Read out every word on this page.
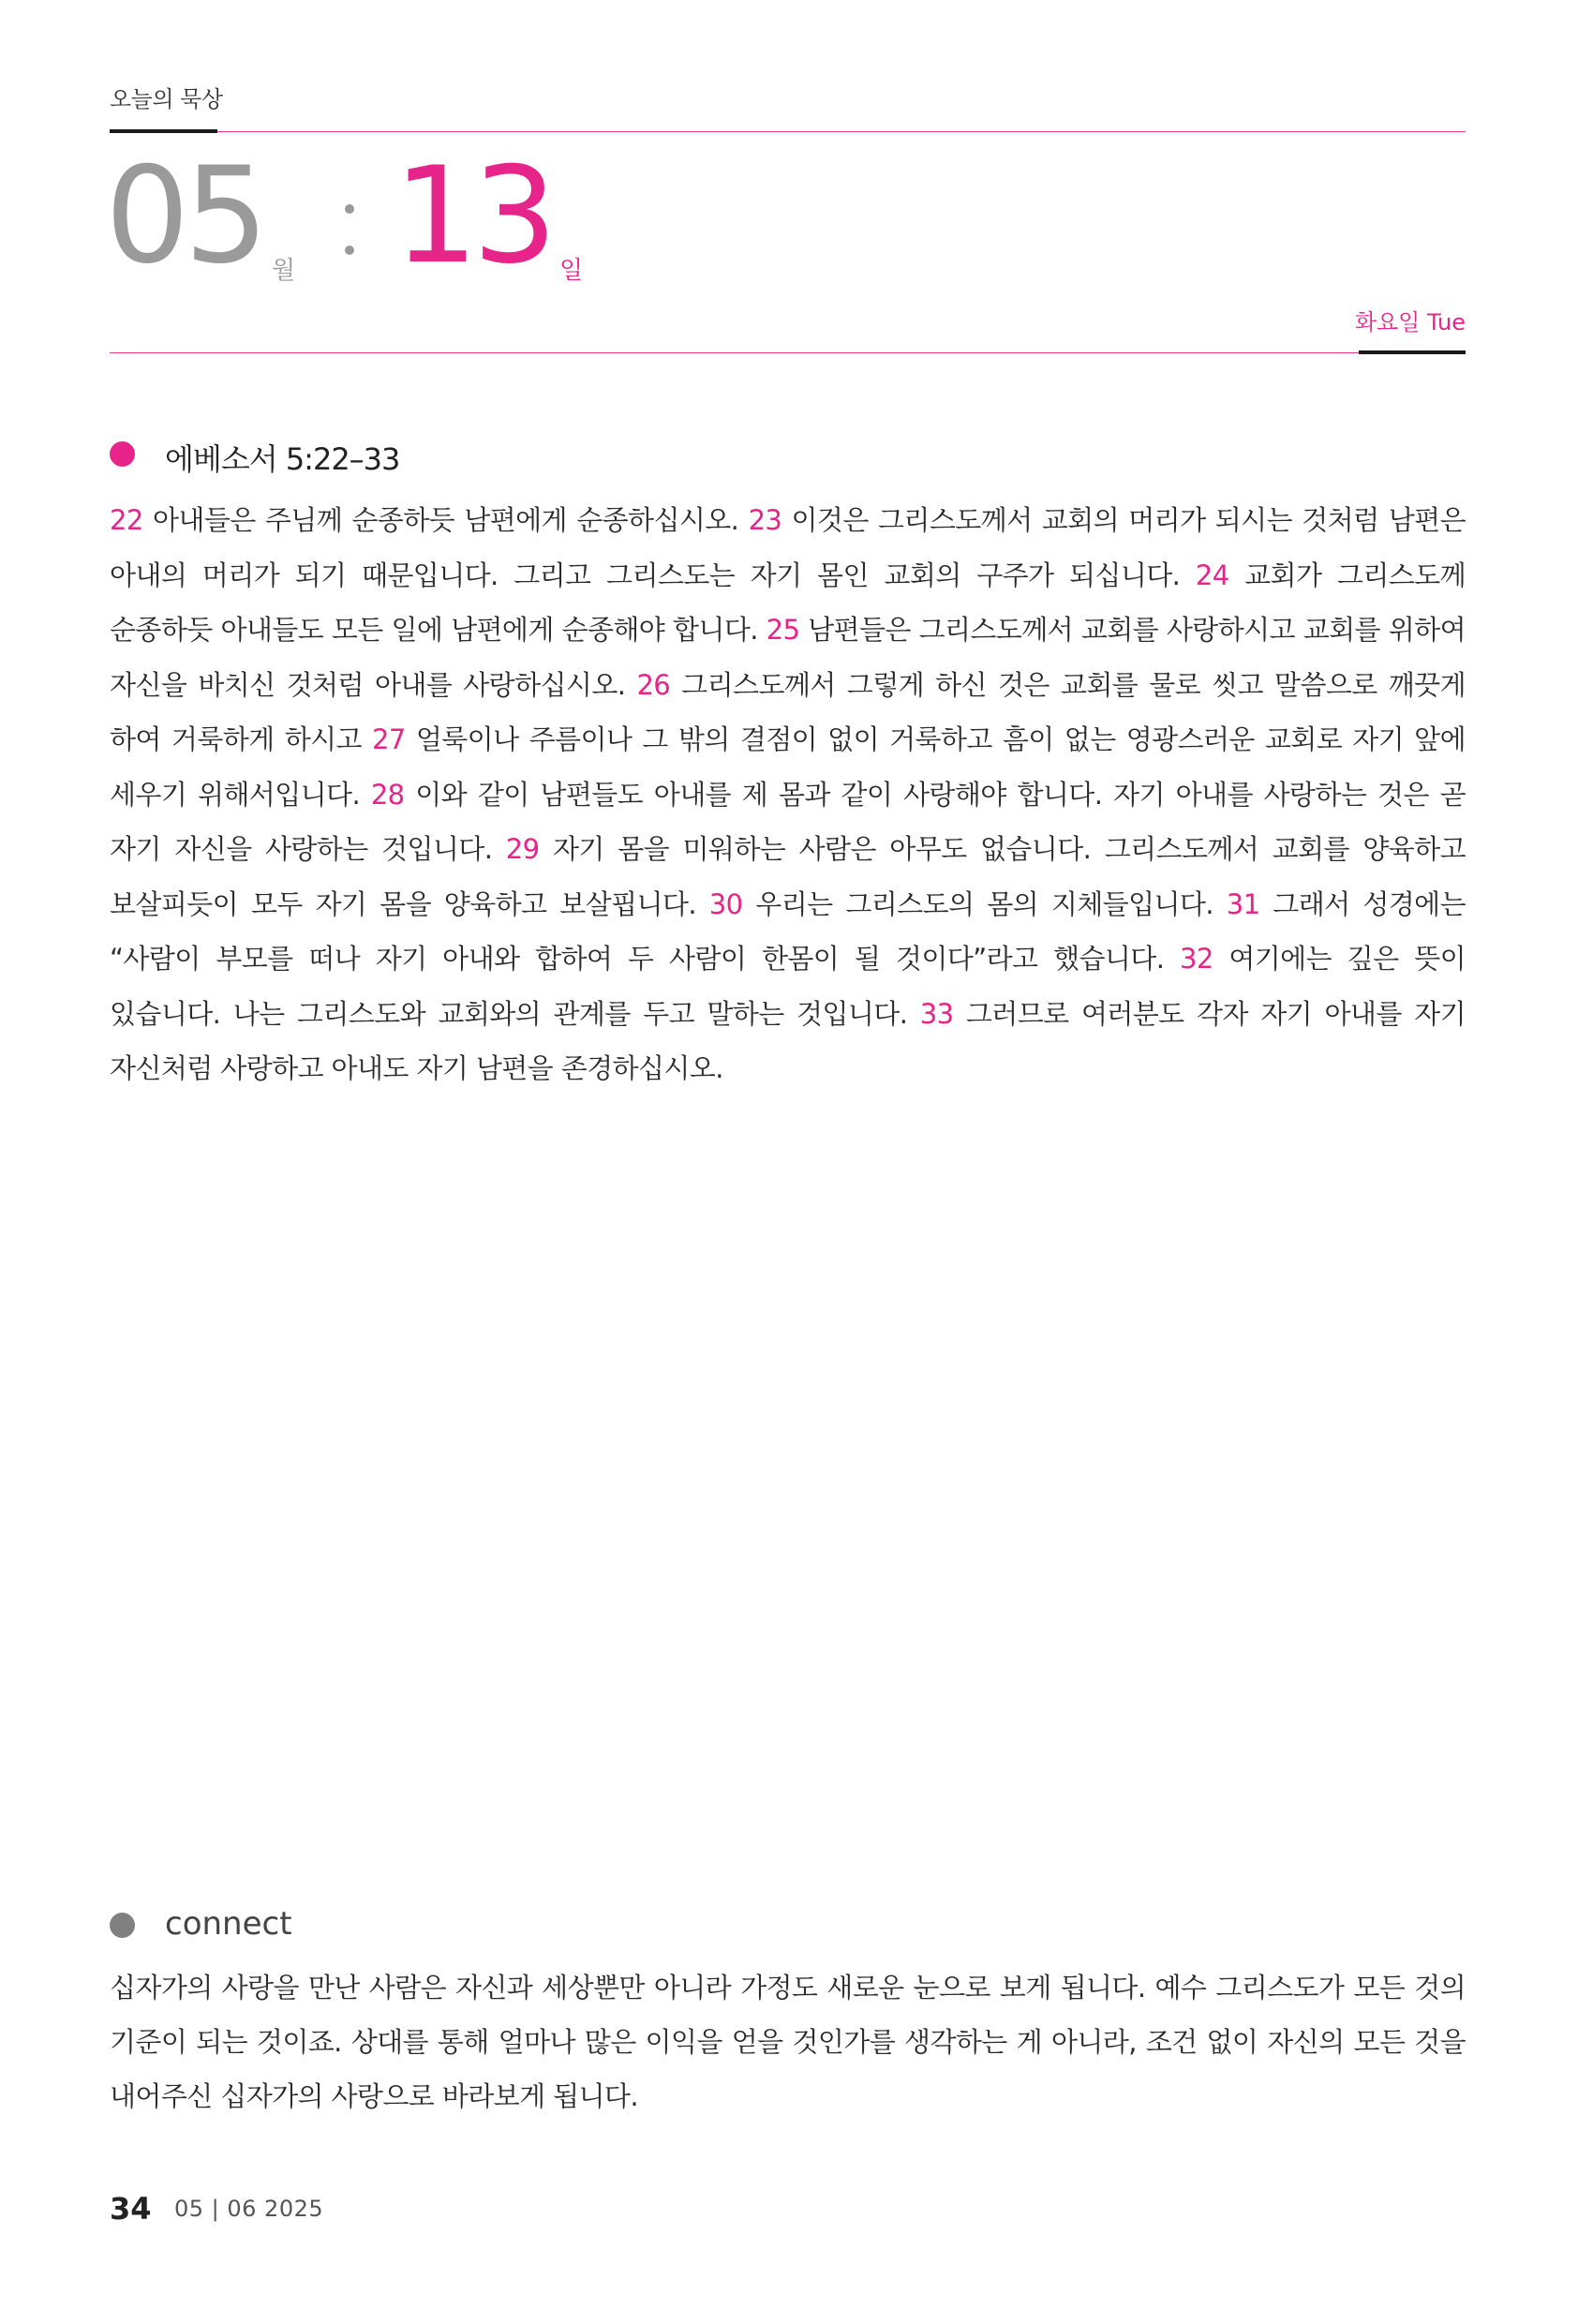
오늘의 묵상
05 월 13 일
화요일 Tue
에베소서 5:22–33
22 아내들은 주님께 순종하듯 남편에게 순종하십시오. 23 이것은 그리스도께서 교회의 머리가 되시는 것처럼 남편은 아내의 머리가 되기 때문입니다. 그리고 그리스도는 자기 몸인 교회의 구주가 되십니다. 24 교회가 그리스도께 순종하듯 아내들도 모든 일에 남편에게 순종해야 합니다. 25 남편들은 그리스도께서 교회를 사랑하시고 교회를 위하여 자신을 바치신 것처럼 아내를 사랑하십시오. 26 그리스도께서 그렇게 하신 것은 교회를 물로 씻고 말씀으로 깨끗게 하여 거룩하게 하시고 27 얼룩이나 주름이나 그 밖의 결점이 없이 거룩하고 흠이 없는 영광스러운 교회로 자기 앞에 세우기 위해서입니다. 28 이와 같이 남편들도 아내를 제 몸과 같이 사랑해야 합니다. 자기 아내를 사랑하는 것은 곧 자기 자신을 사랑하는 것입니다. 29 자기 몸을 미워하는 사람은 아무도 없습니다. 그리스도께서 교회를 양육하고 보살피듯이 모두 자기 몸을 양육하고 보살핍니다. 30 우리는 그리스도의 몸의 지체들입니다. 31 그래서 성경에는 “사람이 부모를 떠나 자기 아내와 합하여 두 사람이 한몸이 될 것이다”라고 했습니다. 32 여기에는 깊은 뜻이 있습니다. 나는 그리스도와 교회와의 관계를 두고 말하는 것입니다. 33 그러므로 여러분도 각자 자기 아내를 자기 자신처럼 사랑하고 아내도 자기 남편을 존경하십시오.
connect
십자가의 사랑을 만난 사람은 자신과 세상뿐만 아니라 가정도 새로운 눈으로 보게 됩니다. 예수 그리스도가 모든 것의 기준이 되는 것이죠. 상대를 통해 얼마나 많은 이익을 얻을 것인가를 생각하는 게 아니라, 조건 없이 자신의 모든 것을 내어주신 십자가의 사랑으로 바라보게 됩니다.
34 05 | 06 2025
